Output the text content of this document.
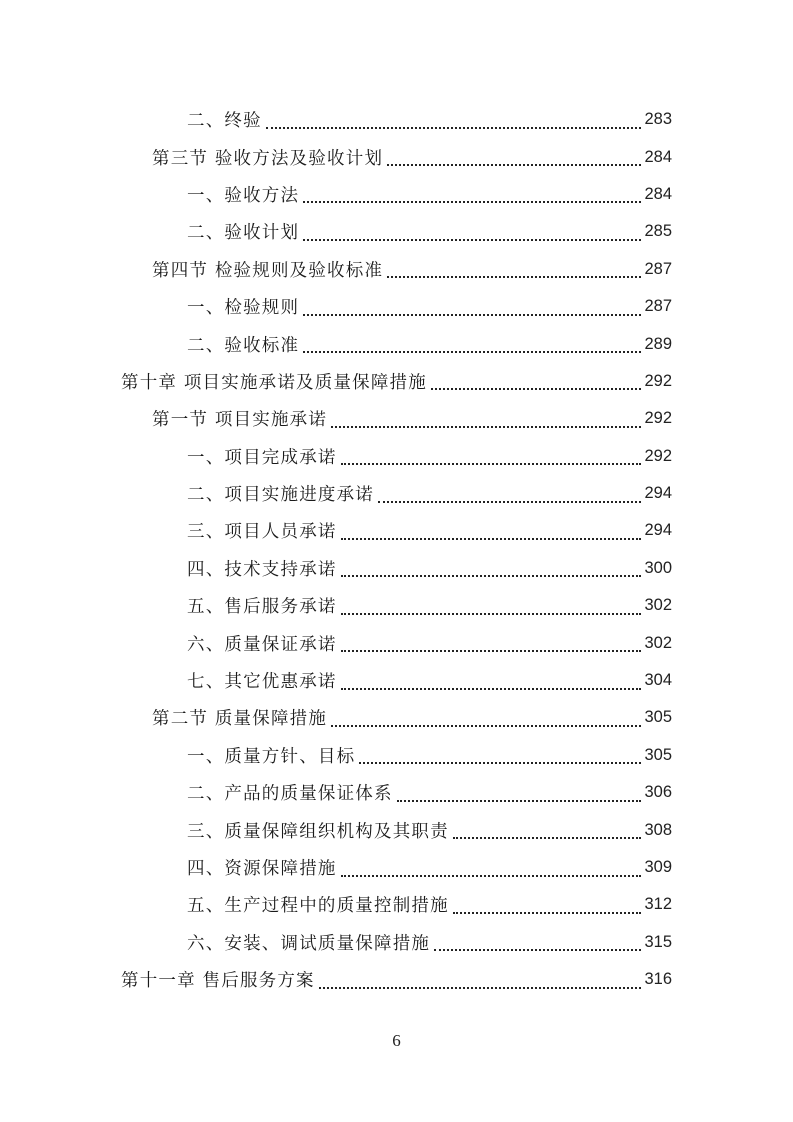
二、终验	283
第三节 验收方法及验收计划	284
一、验收方法	284
二、验收计划	285
第四节 检验规则及验收标准	287
一、检验规则	287
二、验收标准	289
第十章 项目实施承诺及质量保障措施	292
第一节 项目实施承诺	292
一、项目完成承诺	292
二、项目实施进度承诺	294
三、项目人员承诺	294
四、技术支持承诺	300
五、售后服务承诺	302
六、质量保证承诺	302
七、其它优惠承诺	304
第二节 质量保障措施	305
一、质量方针、目标	305
二、产品的质量保证体系	306
三、质量保障组织机构及其职责	308
四、资源保障措施	309
五、生产过程中的质量控制措施	312
六、安装、调试质量保障措施	315
第十一章 售后服务方案	316
6
